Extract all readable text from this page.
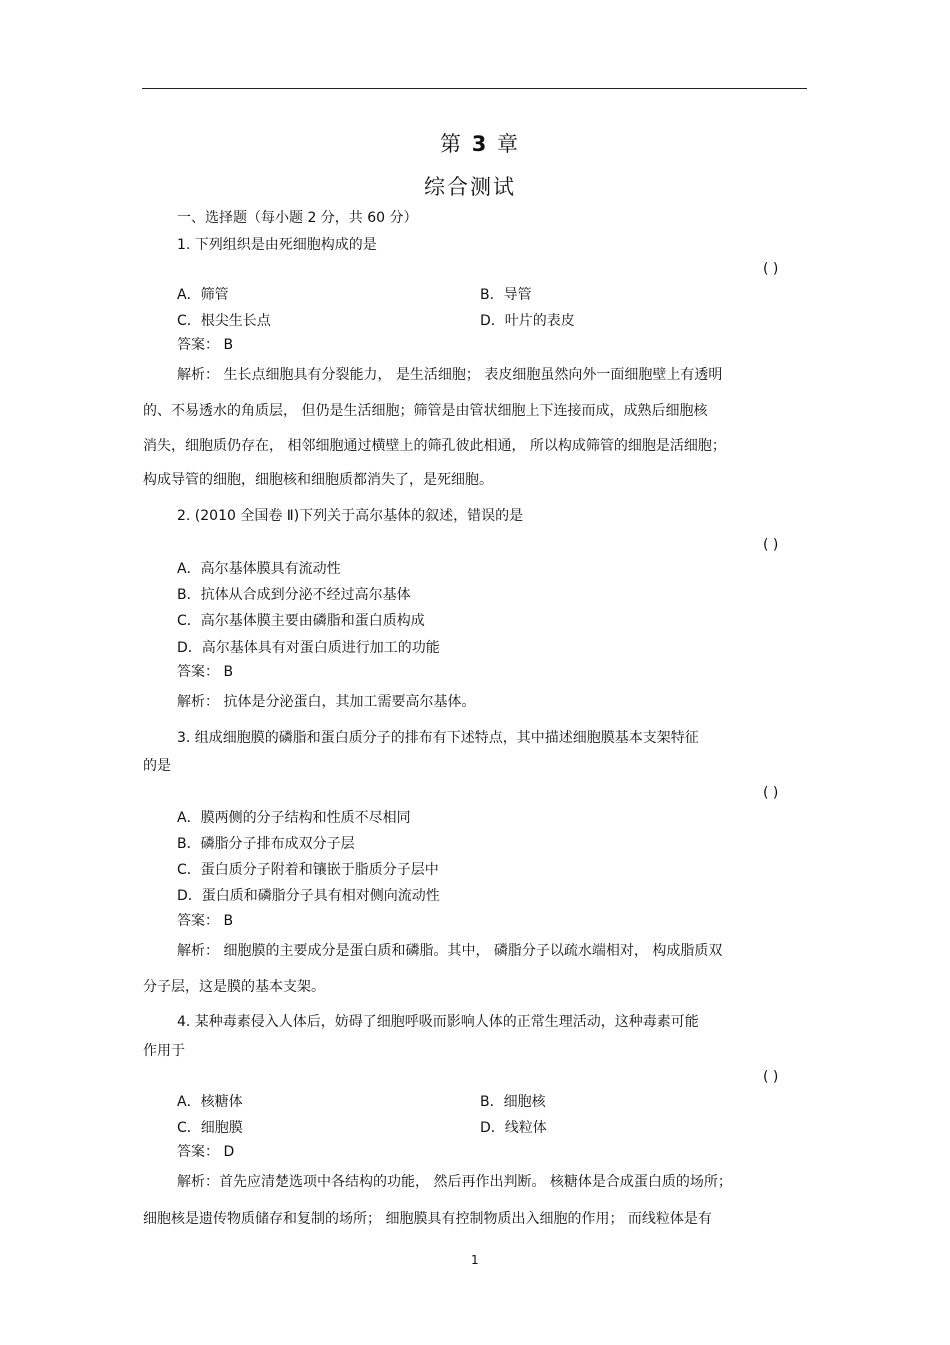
第 3 章
综合测试
一、选择题（每小题 2 分，共 60 分）
1. 下列组织是由死细胞构成的是
( )
A．筛管	B．导管
C．根尖生长点	D．叶片的表皮
答案： B
解析： 生长点细胞具有分裂能力， 是生活细胞； 表皮细胞虽然向外一面细胞壁上有透明
的、不易透水的角质层， 但仍是生活细胞；筛管是由管状细胞上下连接而成，成熟后细胞核
消失，细胞质仍存在， 相邻细胞通过横壁上的筛孔彼此相通， 所以构成筛管的细胞是活细胞；
构成导管的细胞，细胞核和细胞质都消失了，是死细胞。
2. (2010 全国卷 Ⅱ)下列关于高尔基体的叙述，错误的是
( )
A．高尔基体膜具有流动性
B．抗体从合成到分泌不经过高尔基体
C．高尔基体膜主要由磷脂和蛋白质构成
D．高尔基体具有对蛋白质进行加工的功能
答案： B
解析： 抗体是分泌蛋白，其加工需要高尔基体。
3. 组成细胞膜的磷脂和蛋白质分子的排布有下述特点，其中描述细胞膜基本支架特征
的是
( )
A．膜两侧的分子结构和性质不尽相同
B．磷脂分子排布成双分子层
C．蛋白质分子附着和镶嵌于脂质分子层中
D．蛋白质和磷脂分子具有相对侧向流动性
答案： B
解析： 细胞膜的主要成分是蛋白质和磷脂。其中， 磷脂分子以疏水端相对， 构成脂质双
分子层，这是膜的基本支架。
4. 某种毒素侵入人体后，妨碍了细胞呼吸而影响人体的正常生理活动，这种毒素可能
作用于
( )
A．核糖体	B．细胞核
C．细胞膜	D．线粒体
答案： D
解析：首先应清楚选项中各结构的功能， 然后再作出判断。 核糖体是合成蛋白质的场所；
细胞核是遗传物质储存和复制的场所； 细胞膜具有控制物质出入细胞的作用； 而线粒体是有
1
